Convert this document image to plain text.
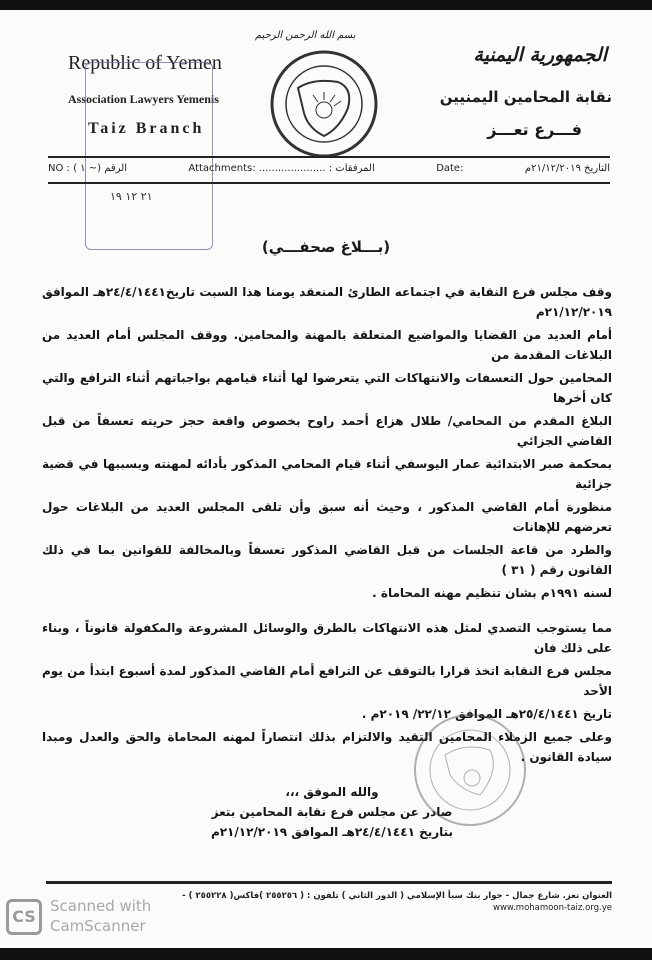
بسم الله الرحمن الرحيم
Republic of Yemen
Association Lawyers Yemenis
Taiz Branch
الجمهورية اليمنية
نقابة المحامين اليمنيين
فـــرع تعـــز
٢١ ١٢ ١٩
NO : ( ١ ~) الرقم	Attachments: ..................... : المرفقات	Date:	التاريخ ٢١/١٢/٢٠١٩م
(بـــلاغ صحفـــي)
وقف مجلس فرع النقابة في اجتماعه الطارئ المنعقد يومنا هذا السبت تاريخ٢٤/٤/١٤٤١هـ الموافق ٢١/١٢/٢٠١٩م
أمام العديد من القضايا والمواضيع المتعلقة بالمهنة والمحامين. ووقف المجلس أمام العديد من البلاغات المقدمة من
المحامين حول التعسفات والانتهاكات التي يتعرضوا لها أثناء قيامهم بواجباتهم أثناء الترافع والتي كان أخرها
البلاغ المقدم من المحامي/ طلال هزاع أحمد راوح بخصوص واقعة حجز حريته تعسفاً من قبل القاضي الجزائي
بمحكمة صبر الابتدائية عمار اليوسفي أثناء قيام المحامي المذكور بأدائه لمهنته وبسببها في قضية جزائية
منظورة أمام القاضي المذكور ، وحيث أنه سبق وأن تلقى المجلس العديد من البلاغات حول تعرضهم للإهانات
والطرد من قاعة الجلسات من قبل القاضي المذكور تعسفاً وبالمخالفة للقوانين بما في ذلك القانون رقم ( ٣١ )
لسنه ١٩٩١م بشان تنظيم مهنه المحاماة .
مما يستوجب التصدي لمثل هذه الانتهاكات بالطرق والوسائل المشروعة والمكفولة قانوناً ، وبناء على ذلك فان
مجلس فرع النقابة اتخذ قرارا بالتوقف عن الترافع أمام القاضي المذكور لمدة أسبوع ابتدأ من يوم الأحد
تاريخ ٢٥/٤/١٤٤١هـ الموافق ٢٢/١٢/ ٢٠١٩م .
وعلى جميع الزملاء المحامين التقيد والالتزام بذلك انتصاراً لمهنه المحاماة والحق والعدل ومبدا سيادة القانون .
والله الموفق ،،،
صادر عن مجلس فرع نقابة المحامين بتعز
بتاريخ ٢٤/٤/١٤٤١هـ الموافق ٢١/١٢/٢٠١٩م
العنوان تعز. شارع جمال - جوار بنك سبأ الإسلامي ( الدور الثاني ) تلفون : ( ٢٥٥٢٥٦ )فاكس( ٢٥٥٢٢٨ ) - www.mohamoon-taiz.org.ye
CS
Scanned with
CamScanner
